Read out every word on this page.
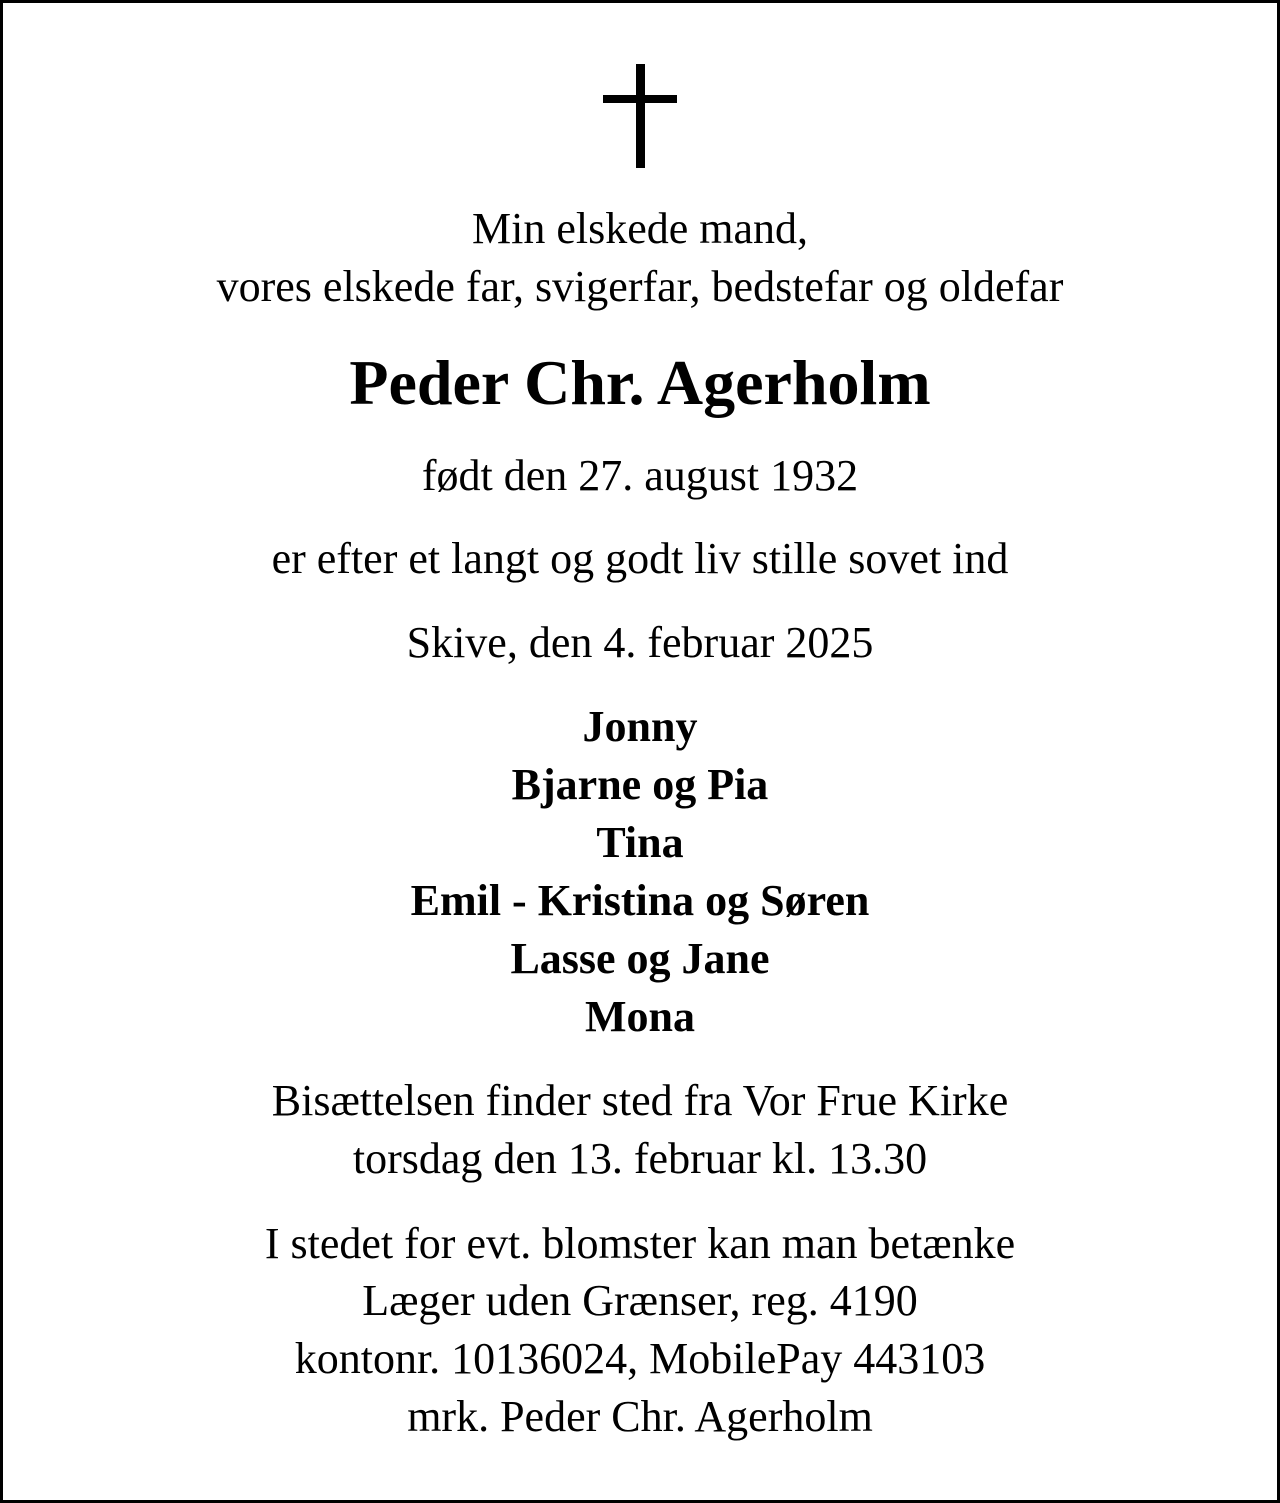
Min elskede mand,
vores elskede far, svigerfar, bedstefar og oldefar
Peder Chr. Agerholm
født den 27. august 1932
er efter et langt og godt liv stille sovet ind
Skive, den 4. februar 2025
Jonny
Bjarne og Pia
Tina
Emil - Kristina og Søren
Lasse og Jane
Mona
Bisættelsen finder sted fra Vor Frue Kirke
torsdag den 13. februar kl. 13.30
I stedet for evt. blomster kan man betænke
Læger uden Grænser, reg. 4190
kontonr. 10136024, MobilePay 443103
mrk. Peder Chr. Agerholm
